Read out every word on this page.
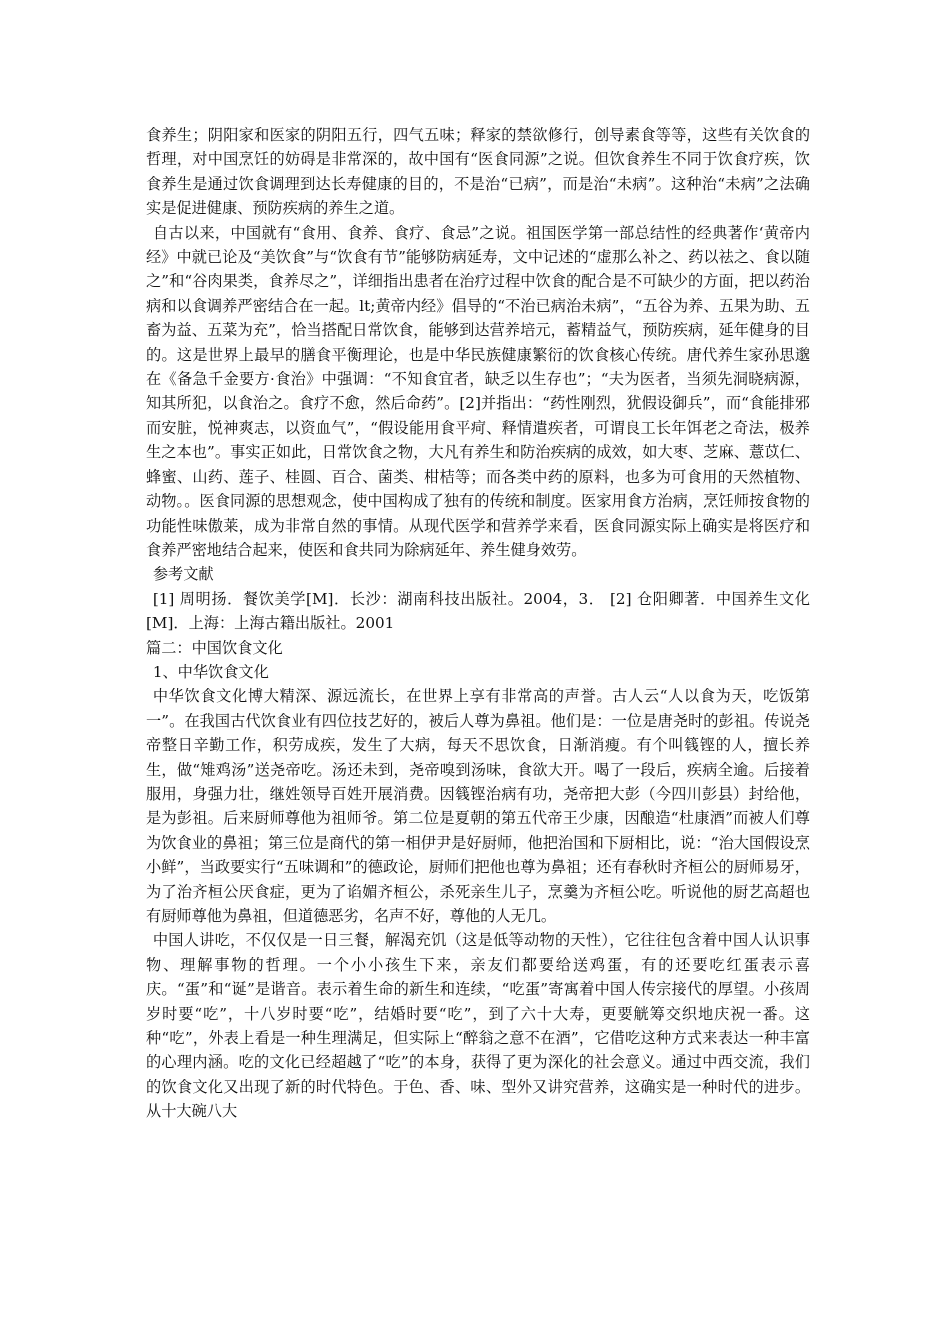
食养生；阴阳家和医家的阴阳五行，四气五味；释家的禁欲修行，创导素食等等，这些有关饮食的哲理，对中国烹饪的妨碍是非常深的，故中国有“医食同源”之说。但饮食养生不同于饮食疗疾，饮食养生是通过饮食调理到达长寿健康的目的，不是治“已病”，而是治“未病”。这种治“未病”之法确实是促进健康、预防疾病的养生之道。

自古以来，中国就有“食用、食养、食疗、食忌”之说。祖国医学第一部总结性的经典著作‘黄帝内经》中就已论及“美饮食”与“饮食有节”能够防病延寿，文中记述的“虚那么补之、药以祛之、食以随之”和“谷肉果类，食养尽之”，详细指出患者在治疗过程中饮食的配合是不可缺少的方面，把以药治病和以食调养严密结合在一起。lt;黄帝内经》倡导的“不治已病治未病”，“五谷为养、五果为助、五畜为益、五菜为充”，恰当搭配日常饮食，能够到达营养培元，蓄精益气，预防疾病，延年健身的目的。这是世界上最早的膳食平衡理论，也是中华民族健康繁衍的饮食核心传统。唐代养生家孙思邈在《备急千金要方·食治》中强调：“不知食宜者，缺乏以生存也”；“夫为医者，当须先洞晓病源，知其所犯，以食治之。食疗不愈，然后命药”。[2]并指出：“药性刚烈，犹假设御兵”，而“食能排邪而安脏，悦神爽志，以资血气”，“假设能用食平疴、释情遣疾者，可谓良工长年饵老之奇法，极养生之本也”。事实正如此，日常饮食之物，大凡有养生和防治疾病的成效，如大枣、芝麻、薏苡仁、蜂蜜、山药、莲子、桂圆、百合、菌类、柑桔等；而各类中药的原料，也多为可食用的天然植物、动物。。医食同源的思想观念，使中国构成了独有的传统和制度。医家用食方治病，烹饪师按食物的功能性味傲莱，成为非常自然的事情。从现代医学和营养学来看，医食同源实际上确实是将医疗和食养严密地结合起来，使医和食共同为除病延年、养生健身效劳。

参考文献

[1] 周明扬．餐饮美学[M]．长沙：湖南科技出版社。2004，3． [2] 仓阳卿著．中国养生文化[M]．上海：上海古籍出版社。2001

篇二：中国饮食文化

1、中华饮食文化

中华饮食文化博大精深、源远流长，在世界上享有非常高的声誉。古人云“人以食为天，吃饭第一”。在我国古代饮食业有四位技艺好的，被后人尊为鼻祖。他们是：一位是唐尧时的彭祖。传说尧帝整日辛勤工作，积劳成疾，发生了大病，每天不思饮食，日渐消瘦。有个叫篯铿的人，擅长养生，做“雉鸡汤”送尧帝吃。汤还未到，尧帝嗅到汤味，食欲大开。喝了一段后，疾病全逾。后接着服用，身强力壮，继姓领导百姓开展消费。因篯铿治病有功，尧帝把大彭（今四川彭县）封给他，是为彭祖。后来厨师尊他为祖师爷。第二位是夏朝的第五代帝王少康，因酿造“杜康酒”而被人们尊为饮食业的鼻祖；第三位是商代的第一相伊尹是好厨师，他把治国和下厨相比，说：“治大国假设烹小鲜”，当政要实行“五味调和”的德政论，厨师们把他也尊为鼻祖；还有春秋时齐桓公的厨师易牙，为了治齐桓公厌食症，更为了谄媚齐桓公，杀死亲生儿子，烹羹为齐桓公吃。听说他的厨艺高超也有厨师尊他为鼻祖，但道德恶劣，名声不好，尊他的人无几。

中国人讲吃，不仅仅是一日三餐，解渴充饥（这是低等动物的天性），它往往包含着中国人认识事物、理解事物的哲理。一个小小孩生下来，亲友们都要给送鸡蛋，有的还要吃红蛋表示喜庆。“蛋”和“诞”是谐音。表示着生命的新生和连续，“吃蛋”寄寓着中国人传宗接代的厚望。小孩周岁时要“吃”，十八岁时要“吃”，结婚时要“吃”，到了六十大寿，更要觥筹交织地庆祝一番。这种“吃”，外表上看是一种生理满足，但实际上“醉翁之意不在酒”，它借吃这种方式来表达一种丰富的心理内涵。吃的文化已经超越了“吃”的本身，获得了更为深化的社会意义。通过中西交流，我们的饮食文化又出现了新的时代特色。于色、香、味、型外又讲究营养，这确实是一种时代的进步。从十大碗八大
